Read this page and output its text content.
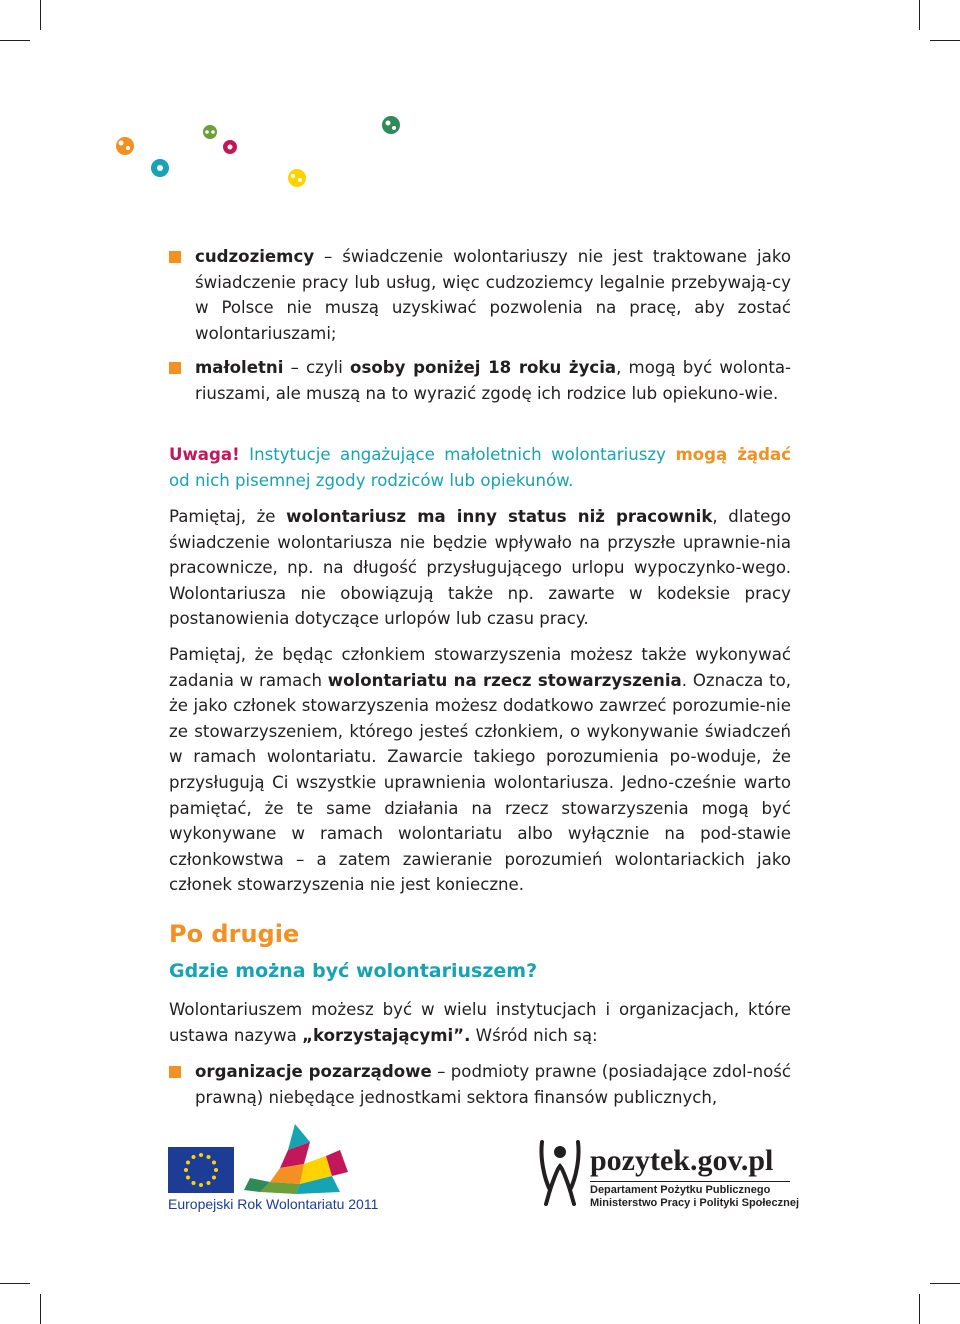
cudzoziemcy – świadczenie wolontariuszy nie jest traktowane jako świadczenie pracy lub usług, więc cudzoziemcy legalnie przebywają-cy w Polsce nie muszą uzyskiwać pozwolenia na pracę, aby zostać wolontariuszami;
małoletni – czyli osoby poniżej 18 roku życia, mogą być wolonta-riuszami, ale muszą na to wyrazić zgodę ich rodzice lub opiekuno-wie.
Uwaga! Instytucje angażujące małoletnich wolontariuszy mogą żądać od nich pisemnej zgody rodziców lub opiekunów.
Pamiętaj, że wolontariusz ma inny status niż pracownik, dlatego świadczenie wolontariusza nie będzie wpływało na przyszłe uprawnie-nia pracownicze, np. na długość przysługującego urlopu wypoczynko-wego. Wolontariusza nie obowiązują także np. zawarte w kodeksie pracy postanowienia dotyczące urlopów lub czasu pracy.
Pamiętaj, że będąc członkiem stowarzyszenia możesz także wykonywać zadania w ramach wolontariatu na rzecz stowarzyszenia. Oznacza to, że jako członek stowarzyszenia możesz dodatkowo zawrzeć porozumie-nie ze stowarzyszeniem, którego jesteś członkiem, o wykonywanie świadczeń w ramach wolontariatu. Zawarcie takiego porozumienia po-woduje, że przysługują Ci wszystkie uprawnienia wolontariusza. Jedno-cześnie warto pamiętać, że te same działania na rzecz stowarzyszenia mogą być wykonywane w ramach wolontariatu albo wyłącznie na pod-stawie członkowstwa – a zatem zawieranie porozumień wolontariackich jako członek stowarzyszenia nie jest konieczne.
Po drugie
Gdzie można być wolontariuszem?
Wolontariuszem możesz być w wielu instytucjach i organizacjach, które ustawa nazywa „korzystającymi”. Wśród nich są:
organizacje pozarządowe – podmioty prawne (posiadające zdol-ność prawną) niebędące jednostkami sektora finansów publicznych,
Europejski Rok Wolontariatu 2011
pozytek.gov.pl
Departament Pożytku Publicznego
Ministerstwo Pracy i Polityki Społecznej
